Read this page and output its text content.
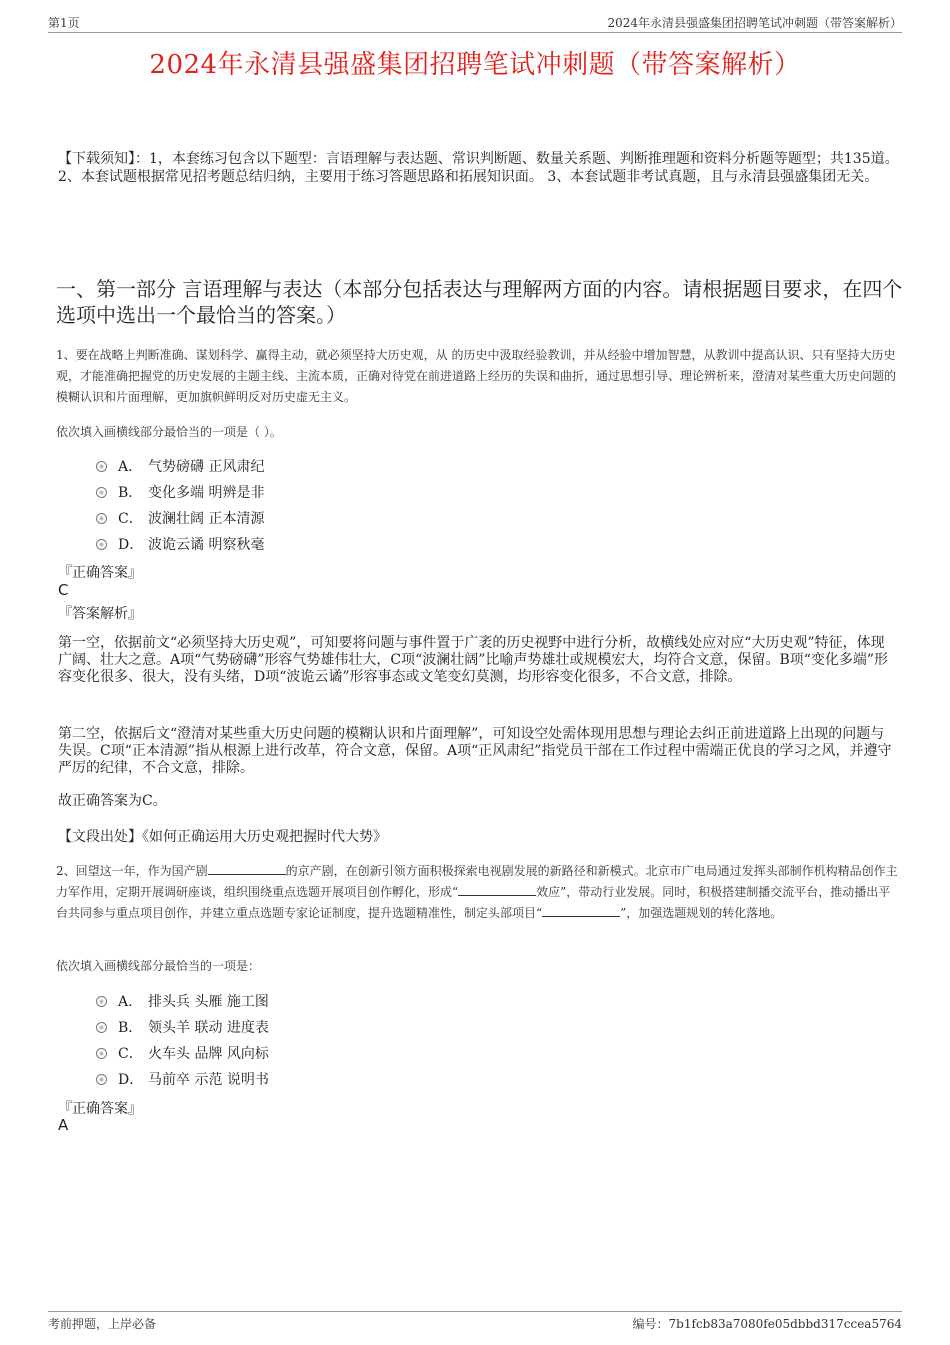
第1页	2024年永清县强盛集团招聘笔试冲刺题（带答案解析）
2024年永清县强盛集团招聘笔试冲刺题（带答案解析）
【下载须知】：1，本套练习包含以下题型：言语理解与表达题、常识判断题、数量关系题、判断推理题和资料分析题等题型；共135道。 2、本套试题根据常见招考题总结归纳，主要用于练习答题思路和拓展知识面。 3、本套试题非考试真题，且与永清县强盛集团无关。
一、第一部分 言语理解与表达（本部分包括表达与理解两方面的内容。请根据题目要求，在四个选项中选出一个最恰当的答案。）
1、要在战略上判断准确、谋划科学、赢得主动，就必须坚持大历史观，从 的历史中汲取经验教训，并从经验中增加智慧，从教训中提高认识、只有坚持大历史观，才能准确把握党的历史发展的主题主线、主流本质，正确对待党在前进道路上经历的失误和曲折，通过思想引导、理论辨析来，澄清对某些重大历史问题的模糊认识和片面理解，更加旗帜鲜明反对历史虚无主义。
依次填入画横线部分最恰当的一项是（ ）。
A． 气势磅礴 正风肃纪
B． 变化多端 明辨是非
C． 波澜壮阔 正本清源
D． 波诡云谲 明察秋毫
『正确答案』
C
『答案解析』
第一空，依据前文“必须坚持大历史观”，可知要将问题与事件置于广袤的历史视野中进行分析，故横线处应对应“大历史观”特征，体现广阔、壮大之意。A项“气势磅礴”形容气势雄伟壮大，C项“波澜壮阔”比喻声势雄壮或规模宏大，均符合文意，保留。B项“变化多端”形容变化很多、很大，没有头绪，D项“波诡云谲”形容事态或文笔变幻莫测，均形容变化很多，不合文意，排除。
第二空，依据后文“澄清对某些重大历史问题的模糊认识和片面理解”，可知设空处需体现用思想与理论去纠正前进道路上出现的问题与失误。C项“正本清源”指从根源上进行改革，符合文意，保留。A项“正风肃纪”指党员干部在工作过程中需端正优良的学习之风，并遵守严厉的纪律，不合文意，排除。
故正确答案为C。
【文段出处】《如何正确运用大历史观把握时代大势》
2、回望这一年，作为国产剧	的京产剧，在创新引领方面积极探索电视剧发展的新路径和新模式。北京市广电局通过发挥头部制作机构精品创作主力军作用，定期开展调研座谈，组织围绕重点选题开展项目创作孵化，形成“	效应”，带动行业发展。同时，积极搭建制播交流平台，推动播出平台共同参与重点项目创作，并建立重点选题专家论证制度，提升选题精准性，制定头部项目“	”，加强选题规划的转化落地。
依次填入画横线部分最恰当的一项是：
A． 排头兵 头雁 施工图
B． 领头羊 联动 进度表
C． 火车头 品牌 风向标
D． 马前卒 示范 说明书
『正确答案』
A
考前押题，上岸必备	编号：7b1fcb83a7080fe05dbbd317ccea5764
